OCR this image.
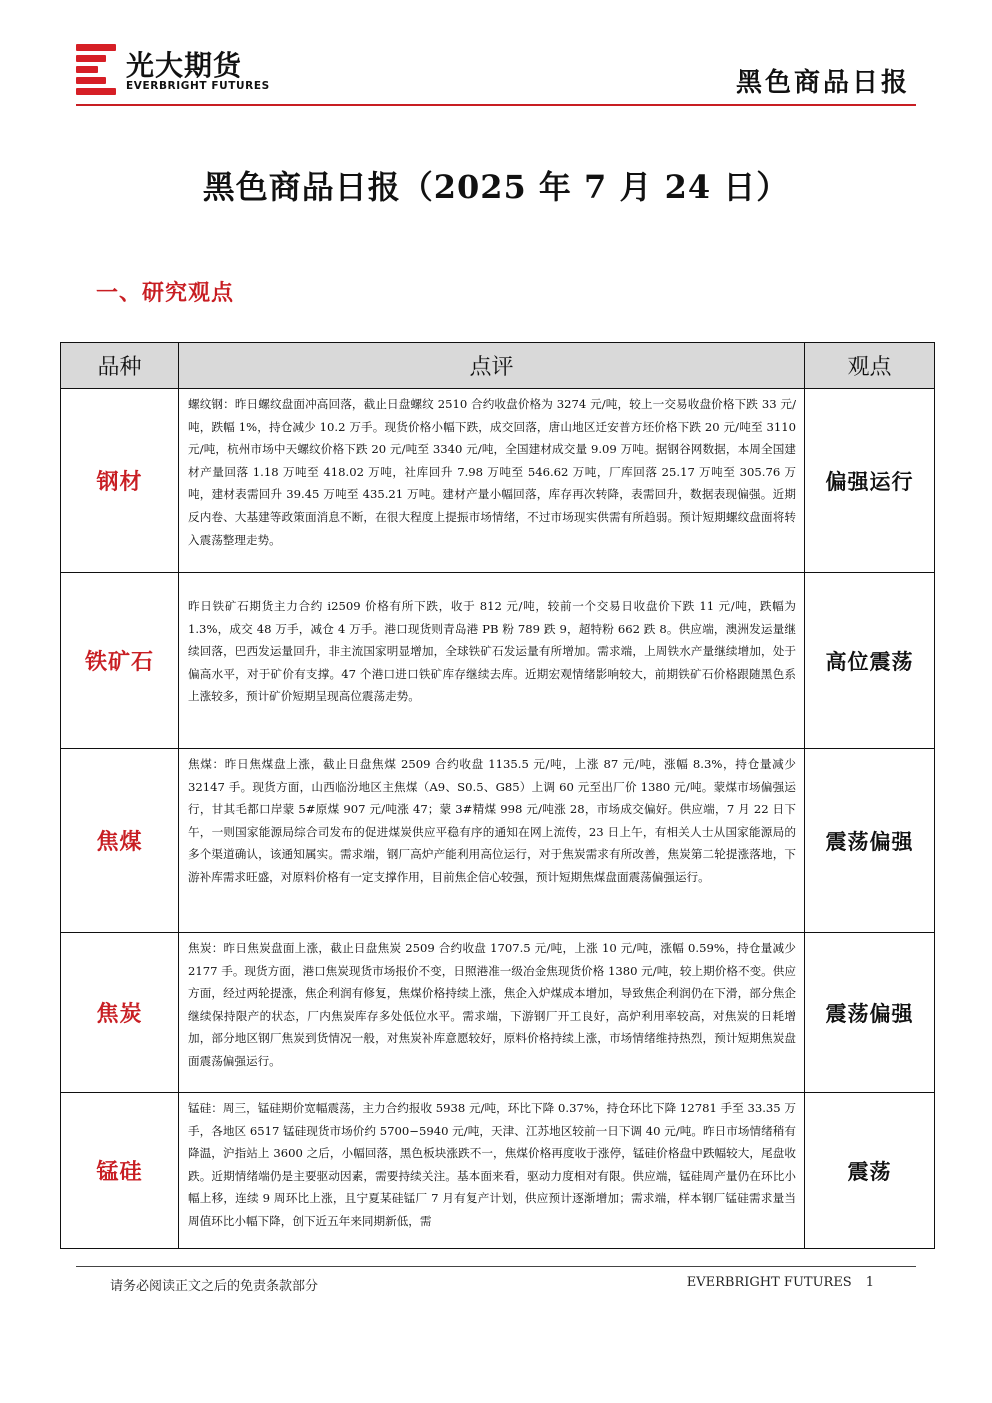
光大期货
EVERBRIGHT FUTURES	黑色商品日报
黑色商品日报（2025 年 7 月 24 日）
一、研究观点
品种	点评	观点
钢材	螺纹钢：昨日螺纹盘面冲高回落，截止日盘螺纹 2510 合约收盘价格为 3274 元/吨，较上一交易收盘价格下跌 33 元/吨，跌幅 1%，持仓减少 10.2 万手。现货价格小幅下跌，成交回落，唐山地区迁安普方坯价格下跌 20 元/吨至 3110 元/吨，杭州市场中天螺纹价格下跌 20 元/吨至 3340 元/吨，全国建材成交量 9.09 万吨。据钢谷网数据，本周全国建材产量回落 1.18 万吨至 418.02 万吨，社库回升 7.98 万吨至 546.62 万吨，厂库回落 25.17 万吨至 305.76 万吨，建材表需回升 39.45 万吨至 435.21 万吨。建材产量小幅回落，库存再次转降，表需回升，数据表现偏强。近期反内卷、大基建等政策面消息不断，在很大程度上提振市场情绪，不过市场现实供需有所趋弱。预计短期螺纹盘面将转入震荡整理走势。	偏强运行
铁矿石	昨日铁矿石期货主力合约 i2509 价格有所下跌，收于 812 元/吨，较前一个交易日收盘价下跌 11 元/吨，跌幅为 1.3%，成交 48 万手，减仓 4 万手。港口现货则青岛港 PB 粉 789 跌 9，超特粉 662 跌 8。供应端，澳洲发运量继续回落，巴西发运量回升，非主流国家明显增加，全球铁矿石发运量有所增加。需求端，上周铁水产量继续增加，处于偏高水平，对于矿价有支撑。47 个港口进口铁矿库存继续去库。近期宏观情绪影响较大，前期铁矿石价格跟随黑色系上涨较多，预计矿价短期呈现高位震荡走势。	高位震荡
焦煤	焦煤：昨日焦煤盘上涨，截止日盘焦煤 2509 合约收盘 1135.5 元/吨，上涨 87 元/吨，涨幅 8.3%，持仓量减少 32147 手。现货方面，山西临汾地区主焦煤（A9、S0.5、G85）上调 60 元至出厂价 1380 元/吨。蒙煤市场偏强运行，甘其毛都口岸蒙 5#原煤 907 元/吨涨 47；蒙 3#精煤 998 元/吨涨 28，市场成交偏好。供应端，7 月 22 日下午，一则国家能源局综合司发布的促进煤炭供应平稳有序的通知在网上流传，23 日上午，有相关人士从国家能源局的多个渠道确认，该通知属实。需求端，钢厂高炉产能利用高位运行，对于焦炭需求有所改善，焦炭第二轮提涨落地，下游补库需求旺盛，对原料价格有一定支撑作用，目前焦企信心较强，预计短期焦煤盘面震荡偏强运行。	震荡偏强
焦炭	焦炭：昨日焦炭盘面上涨，截止日盘焦炭 2509 合约收盘 1707.5 元/吨，上涨 10 元/吨，涨幅 0.59%，持仓量减少 2177 手。现货方面，港口焦炭现货市场报价不变，日照港准一级冶金焦现货价格 1380 元/吨，较上期价格不变。供应方面，经过两轮提涨，焦企利润有修复，焦煤价格持续上涨，焦企入炉煤成本增加，导致焦企利润仍在下滑，部分焦企继续保持限产的状态，厂内焦炭库存多处低位水平。需求端，下游钢厂开工良好，高炉利用率较高，对焦炭的日耗增加，部分地区钢厂焦炭到货情况一般，对焦炭补库意愿较好，原料价格持续上涨，市场情绪维持热烈，预计短期焦炭盘面震荡偏强运行。	震荡偏强
锰硅	锰硅：周三，锰硅期价宽幅震荡，主力合约报收 5938 元/吨，环比下降 0.37%，持仓环比下降 12781 手至 33.35 万手，各地区 6517 锰硅现货市场价约 5700−5940 元/吨，天津、江苏地区较前一日下调 40 元/吨。昨日市场情绪稍有降温，沪指站上 3600 之后，小幅回落，黑色板块涨跌不一，焦煤价格再度收于涨停，锰硅价格盘中跌幅较大，尾盘收跌。近期情绪端仍是主要驱动因素，需要持续关注。基本面来看，驱动力度相对有限。供应端，锰硅周产量仍在环比小幅上移，连续 9 周环比上涨，且宁夏某硅锰厂 7 月有复产计划，供应预计逐渐增加；需求端，样本钢厂锰硅需求量当周值环比小幅下降，创下近五年来同期新低，需	震荡
请务必阅读正文之后的免责条款部分	EVERBRIGHT FUTURES 1
